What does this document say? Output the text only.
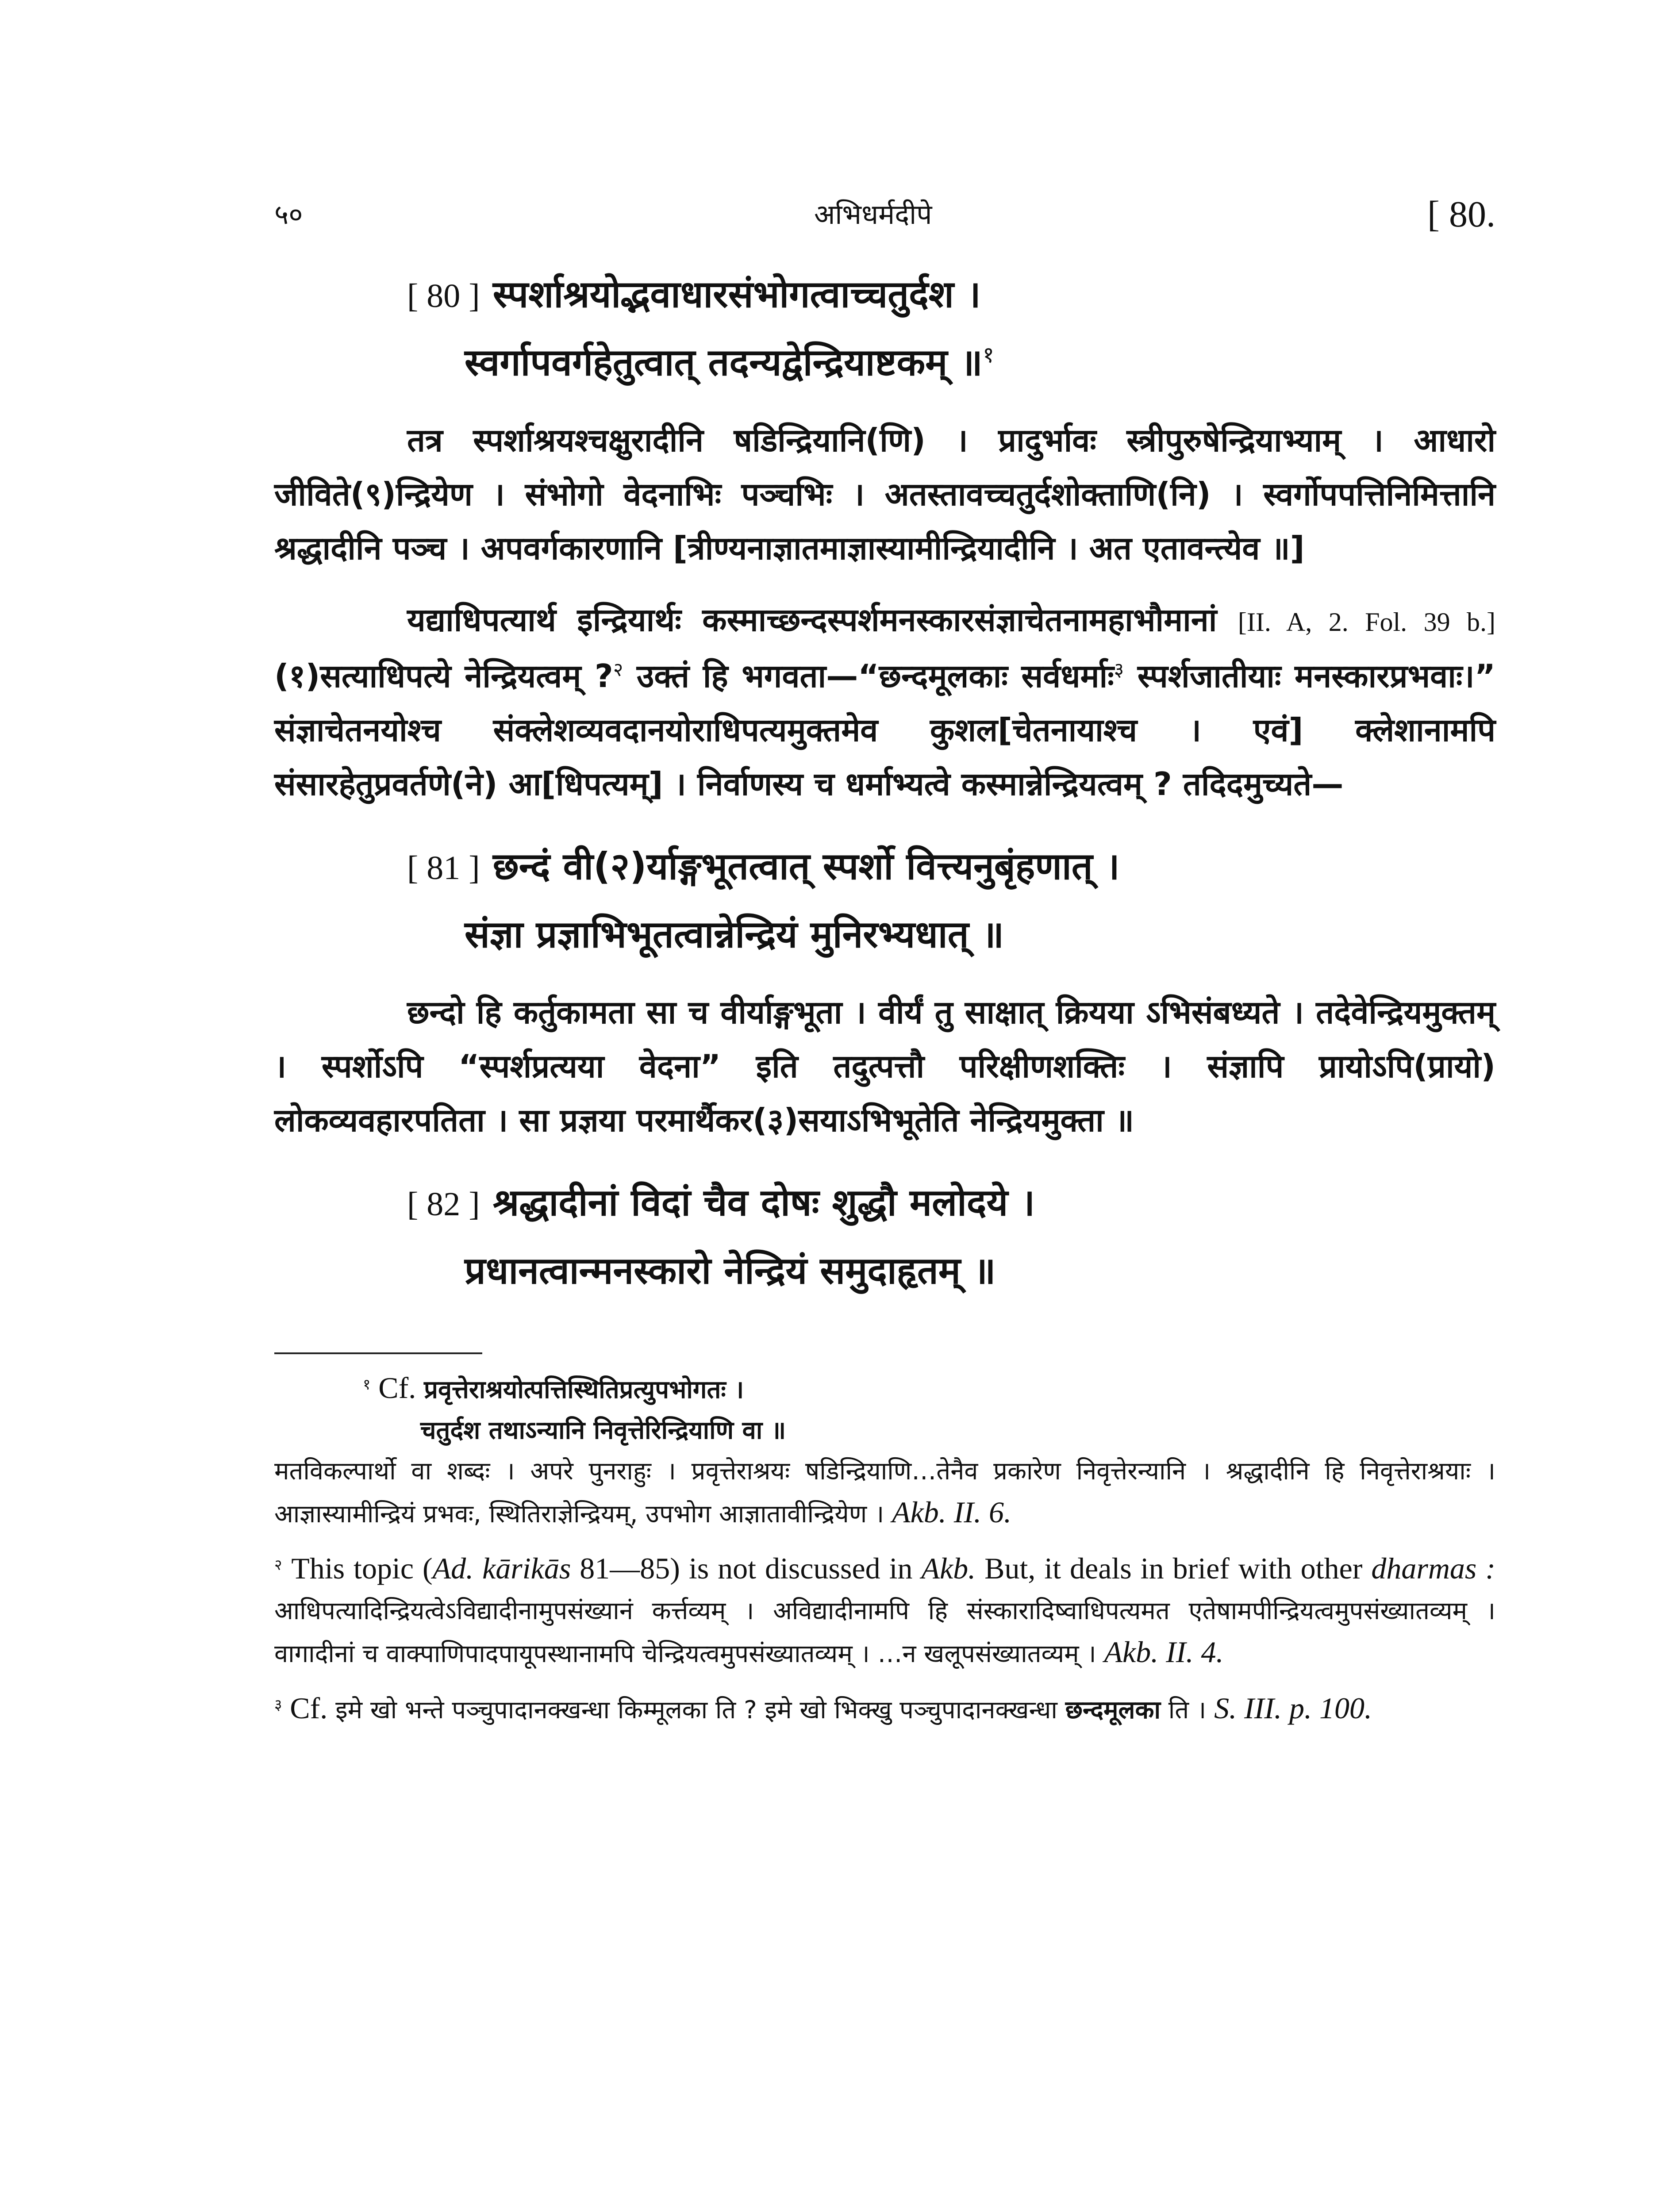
५०	अभिधर्मदीपे	[ 80.
[ 80 ] स्पर्शाश्रयोद्भवाधारसंभोगत्वाच्चतुर्दश ।
स्वर्गापवर्गहेतुत्वात् तदन्यद्वेन्द्रियाष्टकम् ॥$^१$
तत्र स्पर्शाश्रयश्चक्षुरादीनि षडिन्द्रियानि(णि) । प्रादुर्भावः स्त्रीपुरुषेन्द्रियाभ्याम् । आधारो जीविते(९)न्द्रियेण । संभोगो वेदनाभिः पञ्चभिः । अतस्तावच्चतुर्दशोक्ताणि(नि) । स्वर्गोपपत्तिनिमित्तानि श्रद्धादीनि पञ्च । अपवर्गकारणानि [त्रीण्यनाज्ञातमाज्ञास्यामीन्द्रियादीनि । अत एतावन्त्येव ॥]
यद्याधिपत्यार्थ इन्द्रियार्थः कस्माच्छन्दस्पर्शमनस्कारसंज्ञाचेतनामहाभौमानां [II. A, 2. Fol. 39 b.] (१)सत्याधिपत्ये नेन्द्रियत्वम् ?$^२$ उक्तं हि भगवता—“छन्दमूलकाः सर्वधर्माः$^३$ स्पर्शजातीयाः मनस्कारप्रभवाः।” संज्ञाचेतनयोश्च संक्लेशव्यवदानयोराधिपत्यमुक्तमेव कुशल[चेतनायाश्च । एवं] क्लेशानामपि संसारहेतुप्रवर्तणे(ने) आ[धिपत्यम्] । निर्वाणस्य च धर्माभ्यत्वे कस्मान्नेन्द्रियत्वम् ? तदिदमुच्यते—
[ 81 ] छन्दं वी(२)र्याङ्गभूतत्वात् स्पर्शो वित्त्यनुबृंहणात् ।
संज्ञा प्रज्ञाभिभूतत्वान्नेन्द्रियं मुनिरभ्यधात् ॥
छन्दो हि कर्तुकामता सा च वीर्याङ्गभूता । वीर्यं तु साक्षात् क्रियया ऽभिसंबध्यते । तदेवेन्द्रियमुक्तम् । स्पर्शोऽपि “स्पर्शप्रत्यया वेदना” इति तदुत्पत्तौ परिक्षीणशक्तिः । संज्ञापि प्रायोऽपि(प्रायो) लोकव्यवहारपतिता । सा प्रज्ञया परमार्थैकर(३)सयाऽभिभूतेति नेन्द्रियमुक्ता ॥
[ 82 ] श्रद्धादीनां विदां चैव दोषः शुद्धौ मलोदये ।
प्रधानत्वान्मनस्कारो नेन्द्रियं समुदाहृतम् ॥
$^१$ Cf. प्रवृत्तेराश्रयोत्पत्तिस्थितिप्रत्युपभोगतः ।
चतुर्दश तथाऽन्यानि निवृत्तेरिन्द्रियाणि वा ॥
मतविकल्पार्थो वा शब्दः । अपरे पुनराहुः । प्रवृत्तेराश्रयः षडिन्द्रियाणि…तेनैव प्रकारेण निवृत्तेरन्यानि । श्रद्धादीनि हि निवृत्तेराश्रयाः । आज्ञास्यामीन्द्रियं प्रभवः, स्थितिराज्ञेन्द्रियम्, उपभोग आज्ञातावीन्द्रियेण । Akb. II. 6.
$^२$ This topic (Ad. kārikās 81—85) is not discussed in Akb. But, it deals in brief with other dharmas : आधिपत्यादिन्द्रियत्वेऽविद्यादीनामुपसंख्यानं कर्त्तव्यम् । अविद्यादीनामपि हि संस्कारादिष्वाधिपत्यमत एतेषामपीन्द्रियत्वमुपसंख्यातव्यम् । वागादीनां च वाक्पाणिपादपायूपस्थानामपि चेन्द्रियत्वमुपसंख्यातव्यम् । …न खलूपसंख्यातव्यम् । Akb. II. 4.
$^३$ Cf. इमे खो भन्ते पञ्चुपादानक्खन्धा किम्मूलका ति ? इमे खो भिक्खु पञ्चुपादानक्खन्धा छन्दमूलका ति । S. III. p. 100.
